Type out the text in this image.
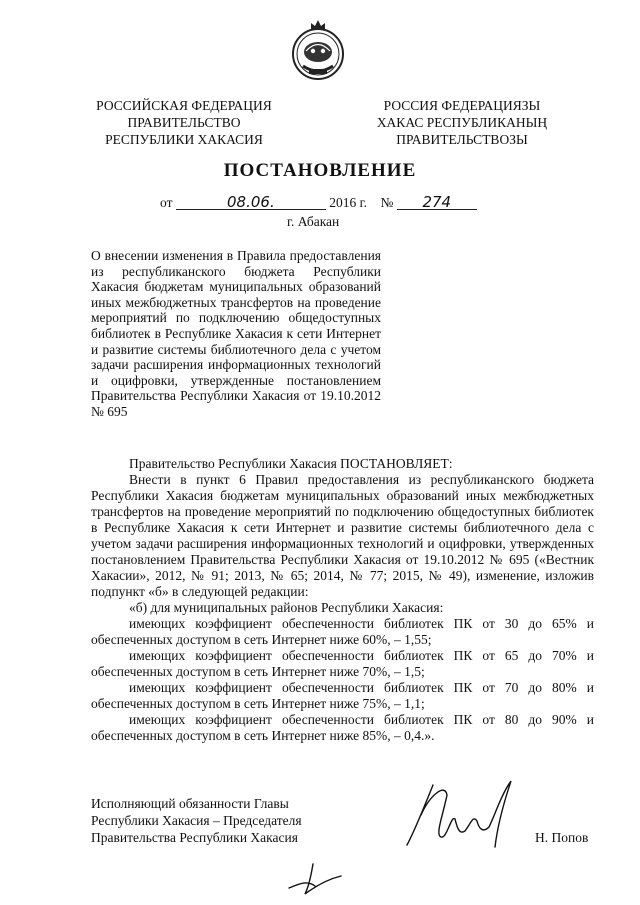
РОССИЙСКАЯ ФЕДЕРАЦИЯ
ПРАВИТЕЛЬСТВО
РЕСПУБЛИКИ ХАКАСИЯ
РОССИЯ ФЕДЕРАЦИЯЗЫ
ХАКАС РЕСПУБЛИКАНЫҢ
ПРАВИТЕЛЬСТВОЗЫ
ПОСТАНОВЛЕНИЕ
от	08.06.	2016 г. № 274
г. Абакан
О внесении изменения в Правила предоставления из республиканского бюджета Республики Хакасия бюджетам муниципальных образований иных межбюджетных трансфертов на проведение мероприятий по подключению общедоступных библиотек в Республике Хакасия к сети Интернет и развитие системы библиотечного дела с учетом задачи расширения информационных технологий и оцифровки, утвержденные постановлением Правительства Республики Хакасия от 19.10.2012 № 695

Правительство Республики Хакасия ПОСТАНОВЛЯЕТ:

Внести в пункт 6 Правил предоставления из республиканского бюджета Республики Хакасия бюджетам муниципальных образований иных межбюджетных трансфертов на проведение мероприятий по подключению общедоступных библиотек в Республике Хакасия к сети Интернет и развитие системы библиотечного дела с учетом задачи расширения информационных технологий и оцифровки, утвержденных постановлением Правительства Республики Хакасия от 19.10.2012 № 695 («Вестник Хакасии», 2012, № 91; 2013, № 65; 2014, № 77; 2015, № 49), изменение, изложив подпункт «б» в следующей редакции:

«б) для муниципальных районов Республики Хакасия:

имеющих коэффициент обеспеченности библиотек ПК от 30 до 65% и обеспеченных доступом в сеть Интернет ниже 60%, – 1,55;

имеющих коэффициент обеспеченности библиотек ПК от 65 до 70% и обеспеченных доступом в сеть Интернет ниже 70%, – 1,5;

имеющих коэффициент обеспеченности библиотек ПК от 70 до 80% и обеспеченных доступом в сеть Интернет ниже 75%, – 1,1;

имеющих коэффициент обеспеченности библиотек ПК от 80 до 90% и обеспеченных доступом в сеть Интернет ниже 85%, – 0,4.».

Исполняющий обязанности Главы
Республики Хакасия – Председателя
Правительства Республики Хакасия	Н. Попов
